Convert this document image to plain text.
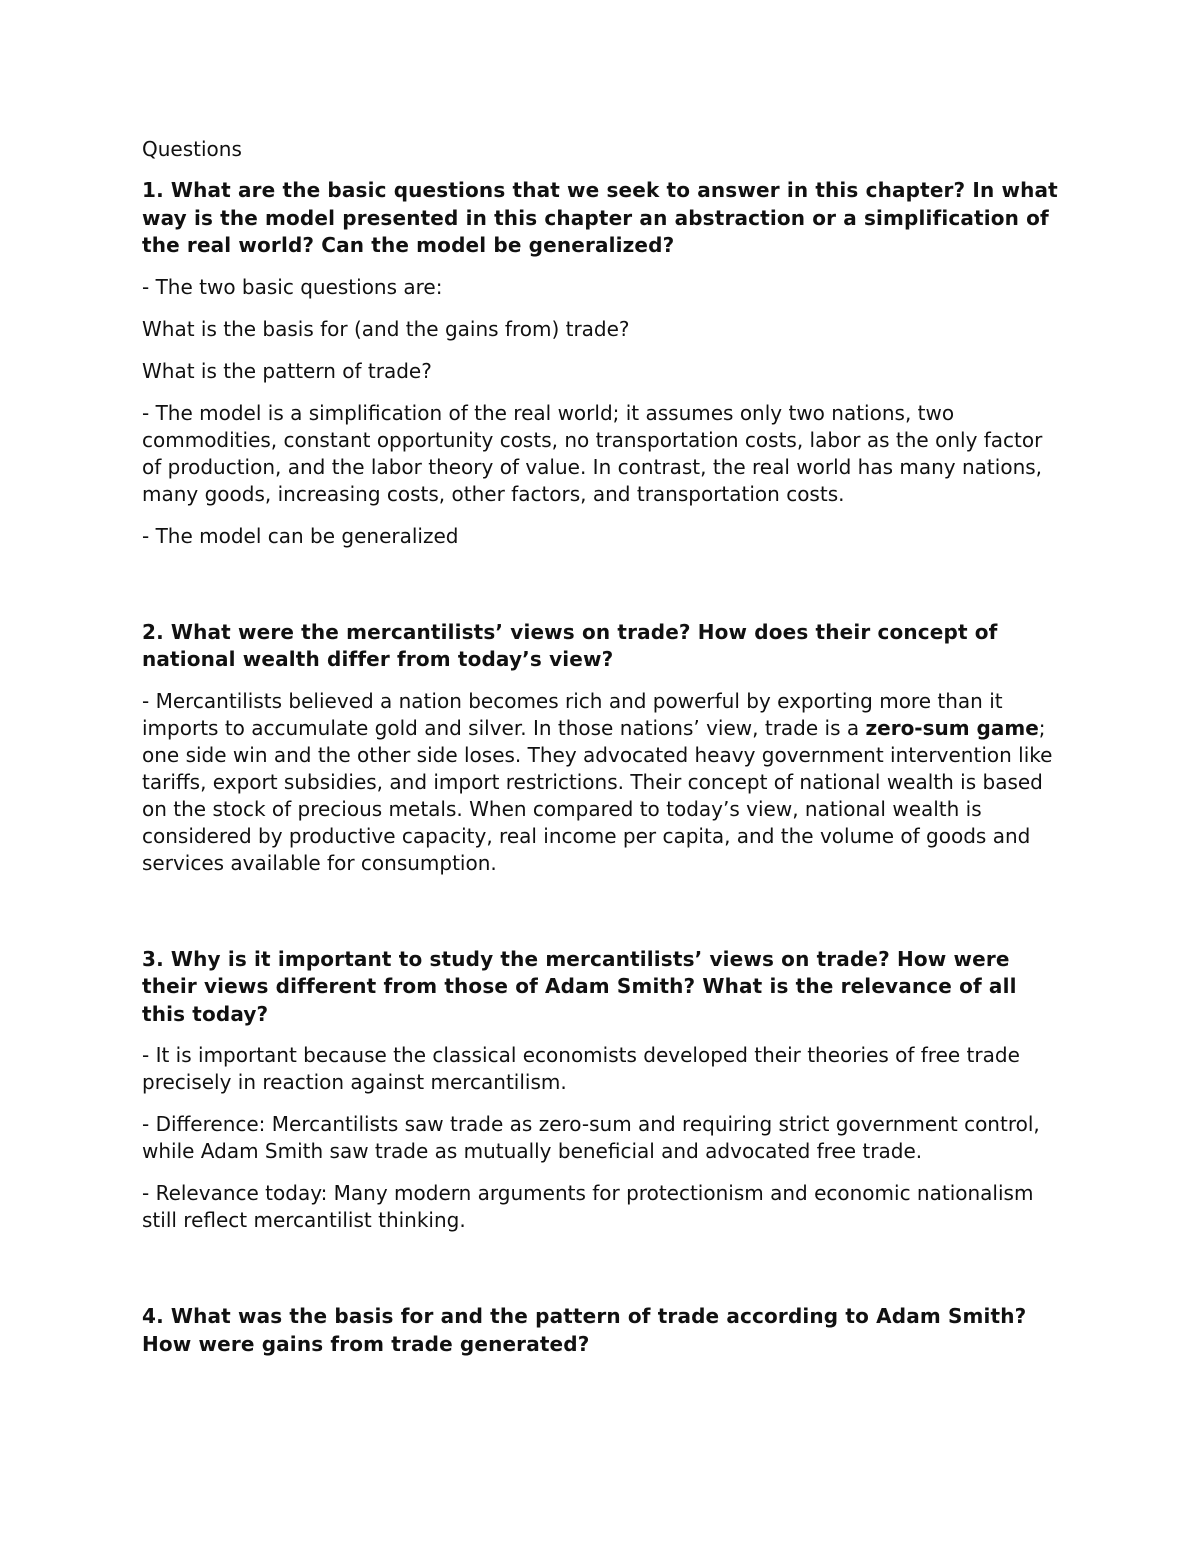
Questions
1. What are the basic questions that we seek to answer in this chapter? In what way is the model presented in this chapter an abstraction or a simplification of the real world? Can the model be generalized?
- The two basic questions are:
What is the basis for (and the gains from) trade?
What is the pattern of trade?
- The model is a simplification of the real world; it assumes only two nations, two commodities, constant opportunity costs, no transportation costs, labor as the only factor of production, and the labor theory of value. In contrast, the real world has many nations, many goods, increasing costs, other factors, and transportation costs.
- The model can be generalized
2. What were the mercantilists’ views on trade? How does their concept of national wealth differ from today’s view?
- Mercantilists believed a nation becomes rich and powerful by exporting more than it imports to accumulate gold and silver. In those nations’ view, trade is a zero-sum game; one side win and the other side loses. They advocated heavy government intervention like tariffs, export subsidies, and import restrictions. Their concept of national wealth is based on the stock of precious metals. When compared to today’s view, national wealth is considered by productive capacity, real income per capita, and the volume of goods and services available for consumption.
3. Why is it important to study the mercantilists’ views on trade? How were their views different from those of Adam Smith? What is the relevance of all this today?
- It is important because the classical economists developed their theories of free trade precisely in reaction against mercantilism.
- Difference: Mercantilists saw trade as zero-sum and requiring strict government control, while Adam Smith saw trade as mutually beneficial and advocated free trade.
- Relevance today: Many modern arguments for protectionism and economic nationalism still reflect mercantilist thinking.
4. What was the basis for and the pattern of trade according to Adam Smith? How were gains from trade generated?
